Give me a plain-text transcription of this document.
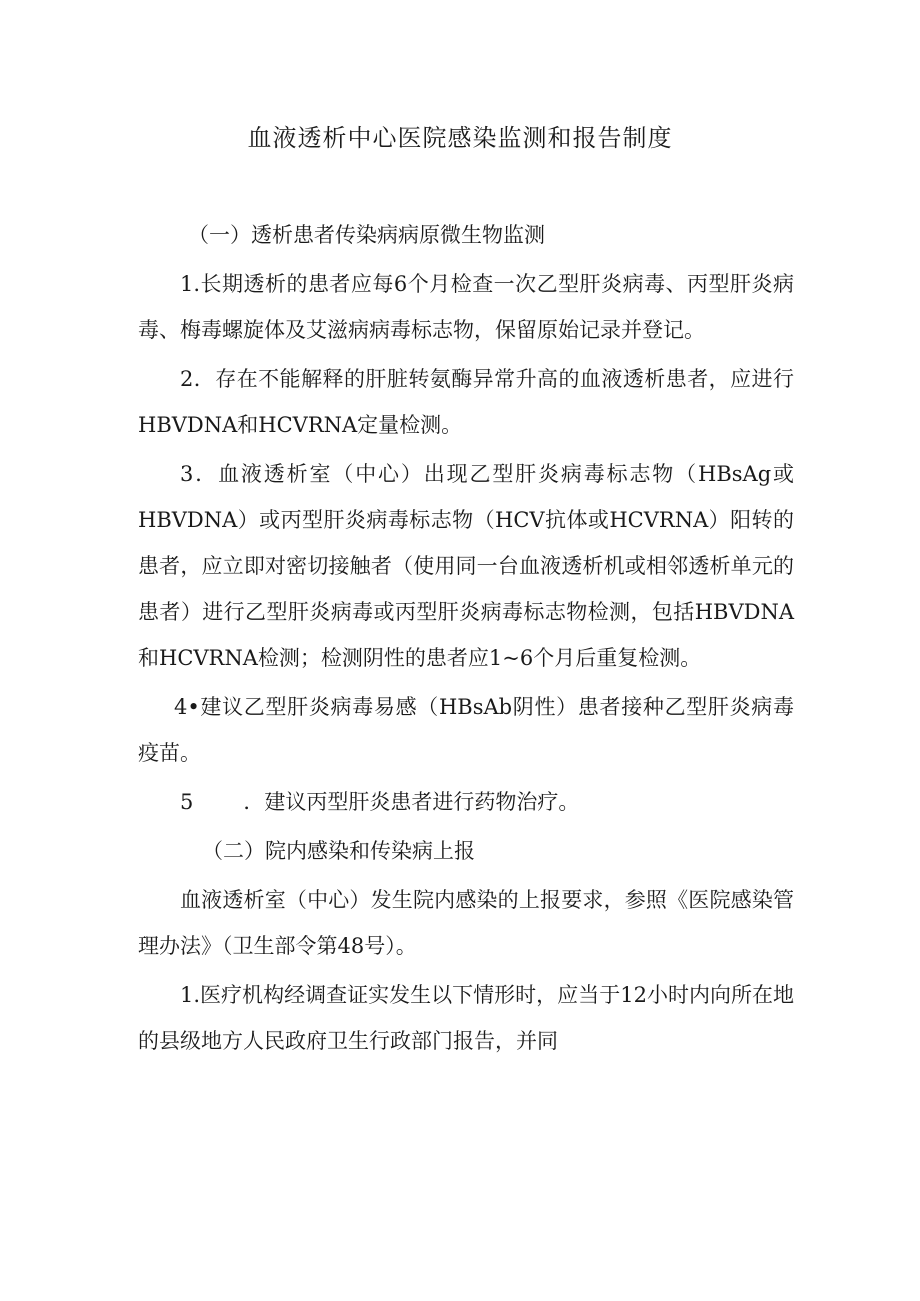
血液透析中心医院感染监测和报告制度

（一）透析患者传染病病原微生物监测

1.长期透析的患者应每6个月检查一次乙型肝炎病毒、丙型肝炎病毒、梅毒螺旋体及艾滋病病毒标志物，保留原始记录并登记。

2．存在不能解释的肝脏转氨酶异常升高的血液透析患者，应进行HBVDNA和HCVRNA定量检测。

3．血液透析室（中心）出现乙型肝炎病毒标志物（HBsAg或HBVDNA）或丙型肝炎病毒标志物（HCV抗体或HCVRNA）阳转的患者，应立即对密切接触者（使用同一台血液透析机或相邻透析单元的患者）进行乙型肝炎病毒或丙型肝炎病毒标志物检测，包括HBVDNA和HCVRNA检测；检测阴性的患者应1~6个月后重复检测。

4•建议乙型肝炎病毒易感（HBsAb阴性）患者接种乙型肝炎病毒疫苗。

5 ．建议丙型肝炎患者进行药物治疗。

（二）院内感染和传染病上报

血液透析室（中心）发生院内感染的上报要求，参照《医院感染管理办法》（卫生部令第48号）。

1.医疗机构经调查证实发生以下情形时，应当于12小时内向所在地的县级地方人民政府卫生行政部门报告，并同
